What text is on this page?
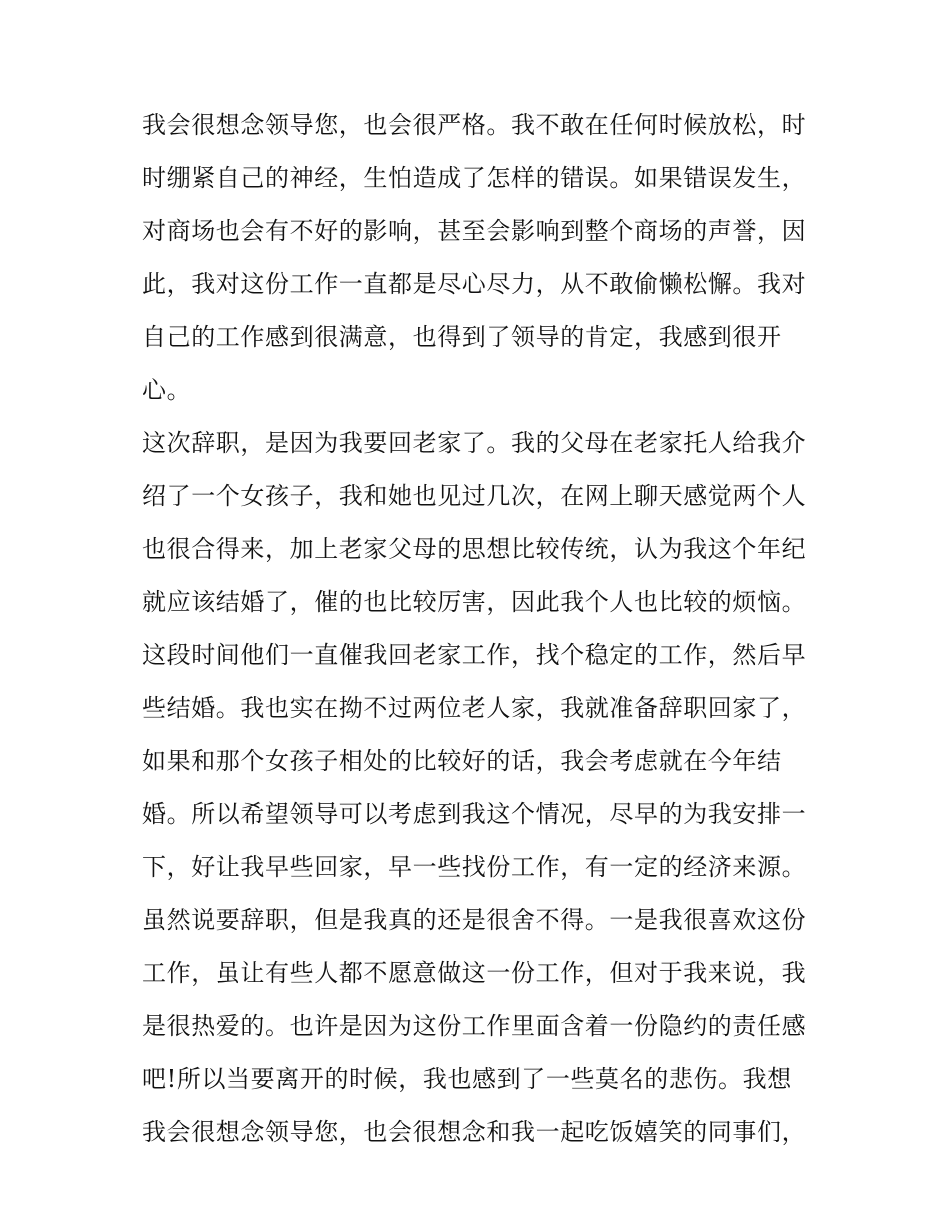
我会很想念领导您，也会很严格。我不敢在任何时候放松，时
时绷紧自己的神经，生怕造成了怎样的错误。如果错误发生，
对商场也会有不好的影响，甚至会影响到整个商场的声誉，因
此，我对这份工作一直都是尽心尽力，从不敢偷懒松懈。我对
自己的工作感到很满意，也得到了领导的肯定，我感到很开
心。
这次辞职，是因为我要回老家了。我的父母在老家托人给我介
绍了一个女孩子，我和她也见过几次，在网上聊天感觉两个人
也很合得来，加上老家父母的思想比较传统，认为我这个年纪
就应该结婚了，催的也比较厉害，因此我个人也比较的烦恼。
这段时间他们一直催我回老家工作，找个稳定的工作，然后早
些结婚。我也实在拗不过两位老人家，我就准备辞职回家了，
如果和那个女孩子相处的比较好的话，我会考虑就在今年结
婚。所以希望领导可以考虑到我这个情况，尽早的为我安排一
下，好让我早些回家，早一些找份工作，有一定的经济来源。
虽然说要辞职，但是我真的还是很舍不得。一是我很喜欢这份
工作，虽让有些人都不愿意做这一份工作，但对于我来说，我
是很热爱的。也许是因为这份工作里面含着一份隐约的责任感
吧!所以当要离开的时候，我也感到了一些莫名的悲伤。我想
我会很想念领导您，也会很想念和我一起吃饭嬉笑的同事们，
